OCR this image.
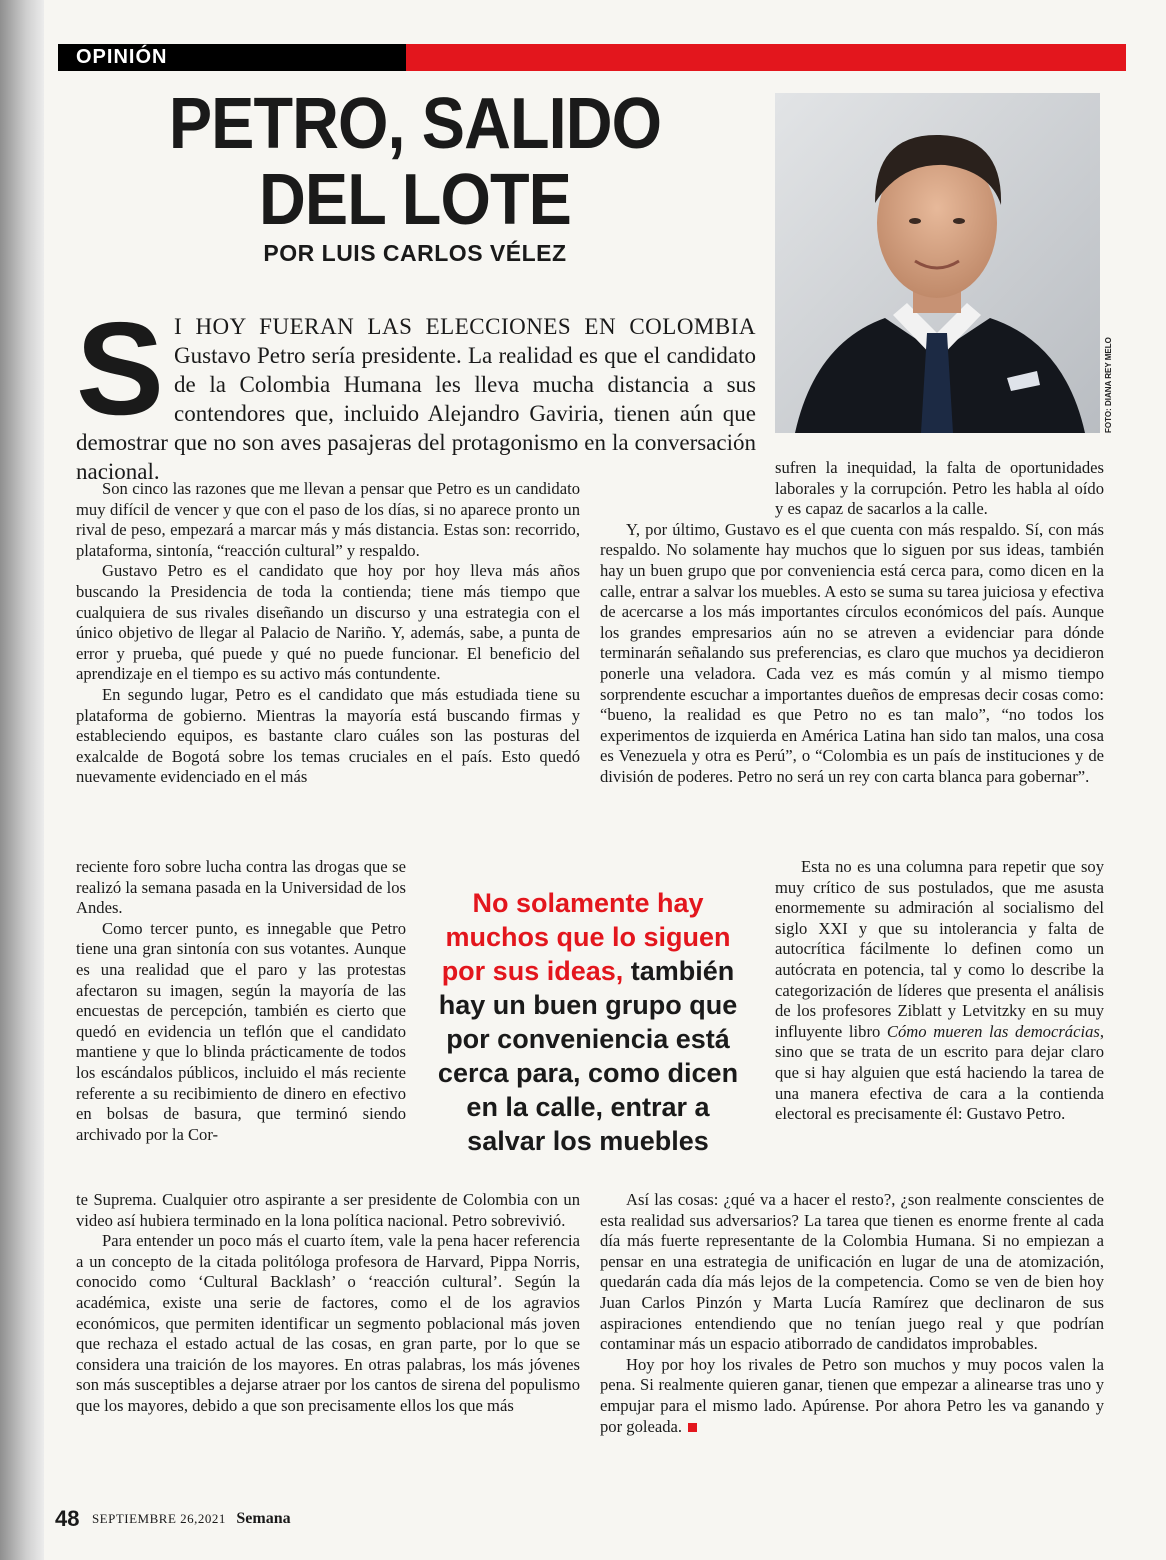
OPINIÓN
PETRO, SALIDO DEL LOTE
POR LUIS CARLOS VÉLEZ
FOTO: DIANA REY MELO
S I HOY FUERAN LAS ELECCIONES EN COLOMBIA Gustavo Petro sería presidente. La realidad es que el candidato de la Colombia Humana les lleva mucha distancia a sus contendores que, incluido Alejandro Gaviria, tienen aún que demostrar que no son aves pasajeras del protagonismo en la conversación nacional.

Son cinco las razones que me llevan a pensar que Petro es un candidato muy difícil de vencer y que con el paso de los días, si no aparece pronto un rival de peso, empezará a marcar más y más distancia. Estas son: recorrido, plataforma, sintonía, “reacción cultural” y respaldo.

Gustavo Petro es el candidato que hoy por hoy lleva más años buscando la Presidencia de toda la contienda; tiene más tiempo que cualquiera de sus rivales diseñando un discurso y una estrategia con el único objetivo de llegar al Palacio de Nariño. Y, además, sabe, a punta de error y prueba, qué puede y qué no puede funcionar. El beneficio del aprendizaje en el tiempo es su activo más contundente.

En segundo lugar, Petro es el candidato que más estudiada tiene su plataforma de gobierno. Mientras la mayoría está buscando firmas y estableciendo equipos, es bastante claro cuáles son las posturas del exalcalde de Bogotá sobre los temas cruciales en el país. Esto quedó nuevamente evidenciado en el más

reciente foro sobre lucha contra las drogas que se realizó la semana pasada en la Universidad de los Andes.

Como tercer punto, es innegable que Petro tiene una gran sintonía con sus votantes. Aunque es una realidad que el paro y las protestas afectaron su imagen, según la mayoría de las encuestas de percepción, también es cierto que quedó en evidencia un teflón que el candidato mantiene y que lo blinda prácticamente de todos los escándalos públicos, incluido el más reciente referente a su recibimiento de dinero en efectivo en bolsas de basura, que terminó siendo archivado por la Cor-

te Suprema. Cualquier otro aspirante a ser presidente de Colombia con un video así hubiera terminado en la lona política nacional. Petro sobrevivió.

Para entender un poco más el cuarto ítem, vale la pena hacer referencia a un concepto de la citada politóloga profesora de Harvard, Pippa Norris, conocido como ‘Cultural Backlash’ o ‘reacción cultural’. Según la académica, existe una serie de factores, como el de los agravios económicos, que permiten identificar un segmento poblacional más joven que rechaza el estado actual de las cosas, en gran parte, por lo que se considera una traición de los mayores. En otras palabras, los más jóvenes son más susceptibles a dejarse atraer por los cantos de sirena del populismo que los mayores, debido a que son precisamente ellos los que más

sufren la inequidad, la falta de oportunidades laborales y la corrupción. Petro les habla al oído y es capaz de sacarlos a la calle.

Y, por último, Gustavo es el que cuenta con más respaldo. Sí, con más respaldo. No solamente hay muchos que lo siguen por sus ideas, también hay un buen grupo que por conveniencia está cerca para, como dicen en la calle, entrar a salvar los muebles. A esto se suma su tarea juiciosa y efectiva de acercarse a los más importantes círculos económicos del país. Aunque los grandes empresarios aún no se atreven a evidenciar para dónde terminarán señalando sus preferencias, es claro que muchos ya decidieron ponerle una veladora. Cada vez es más común y al mismo tiempo sorprendente escuchar a importantes dueños de empresas decir cosas como: “bueno, la realidad es que Petro no es tan malo”, “no todos los experimentos de izquierda en América Latina han sido tan malos, una cosa es Venezuela y otra es Perú”, o “Colombia es un país de instituciones y de división de poderes. Petro no será un rey con carta blanca para gobernar”.

Esta no es una columna para repetir que soy muy crítico de sus postulados, que me asusta enormemente su admiración al socialismo del siglo XXI y que su intolerancia y falta de autocrítica fácilmente lo definen como un autócrata en potencia, tal y como lo describe la categorización de líderes que presenta el análisis de los profesores Ziblatt y Letvitzky en su muy influyente libro Cómo mueren las democrácias, sino que se trata de un escrito para dejar claro que si hay alguien que está haciendo la tarea de una manera efectiva de cara a la contienda electoral es precisamente él: Gustavo Petro.

Así las cosas: ¿qué va a hacer el resto?, ¿son realmente conscientes de esta realidad sus adversarios? La tarea que tienen es enorme frente al cada día más fuerte representante de la Colombia Humana. Si no empiezan a pensar en una estrategia de unificación en lugar de una de atomización, quedarán cada día más lejos de la competencia. Como se ven de bien hoy Juan Carlos Pinzón y Marta Lucía Ramírez que declinaron de sus aspiraciones entendiendo que no tenían juego real y que podrían contaminar más un espacio atiborrado de candidatos improbables.

Hoy por hoy los rivales de Petro son muchos y muy pocos valen la pena. Si realmente quieren ganar, tienen que empezar a alinearse tras uno y empujar para el mismo lado. Apúrense. Por ahora Petro les va ganando y por goleada.

No solamente hay muchos que lo siguen por sus ideas, también hay un buen grupo que por conveniencia está cerca para, como dicen en la calle, entrar a salvar los muebles
48 SEPTIEMBRE 26,2021 Semana
